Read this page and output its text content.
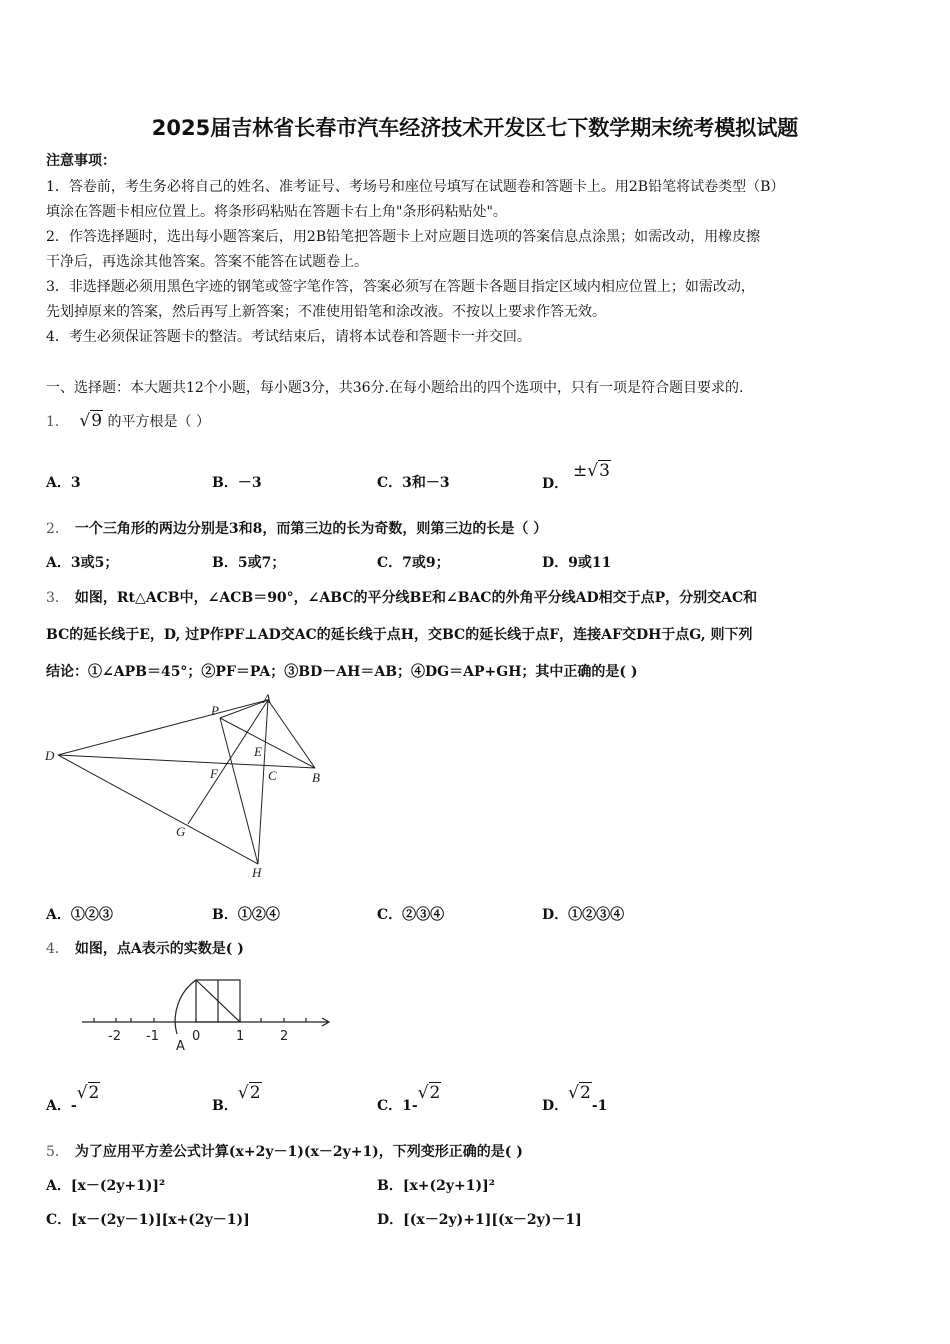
2025届吉林省长春市汽车经济技术开发区七下数学期末统考模拟试题
注意事项：
1．答卷前，考生务必将自己的姓名、准考证号、考场号和座位号填写在试题卷和答题卡上。用2B铅笔将试卷类型（B）
填涂在答题卡相应位置上。将条形码粘贴在答题卡右上角"条形码粘贴处"。
2．作答选择题时，选出每小题答案后，用2B铅笔把答题卡上对应题目选项的答案信息点涂黑；如需改动，用橡皮擦
干净后，再选涂其他答案。答案不能答在试题卷上。
3．非选择题必须用黑色字迹的钢笔或签字笔作答，答案必须写在答题卡各题目指定区域内相应位置上；如需改动，
先划掉原来的答案，然后再写上新答案；不准使用铅笔和涂改液。不按以上要求作答无效。
4．考生必须保证答题卡的整洁。考试结束后，请将本试卷和答题卡一并交回。
一、选择题：本大题共12个小题，每小题3分，共36分.在每小题给出的四个选项中，只有一项是符合题目要求的.
1． √9 的平方根是（ ）
A．3	B．－3	C．3和－3	D． ±√3
2． 一个三角形的两边分别是3和8，而第三边的长为奇数，则第三边的长是（ ）
A．3或5；	B．5或7；	C．7或9；	D．9或11
3． 如图，Rt△ACB中，∠ACB＝90°，∠ABC的平分线BE和∠BAC的外角平分线AD相交于点P，分别交AC和
BC的延长线于E，D, 过P作PF⊥AD交AC的延长线于点H，交BC的延长线于点F，连接AF交DH于点G, 则下列
结论：①∠APB＝45°；②PF＝PA；③BD－AH＝AB；④DG＝AP+GH；其中正确的是( )
D
P
A
E
F	C	B
G
H
A．①②③	B．①②④	C．②③④	D．①②③④
4． 如图，点A表示的实数是( )
-2 -1	0	1	2
A
A．-√2
B．√2
C．1-√2
D．√2-1
5． 为了应用平方差公式计算(x+2y－1)(x－2y+1)，下列变形正确的是( )
A．[x－(2y+1)]²	B．[x+(2y+1)]²
C．[x－(2y－1)][x+(2y－1)]	D．[(x－2y)+1][(x－2y)－1]
